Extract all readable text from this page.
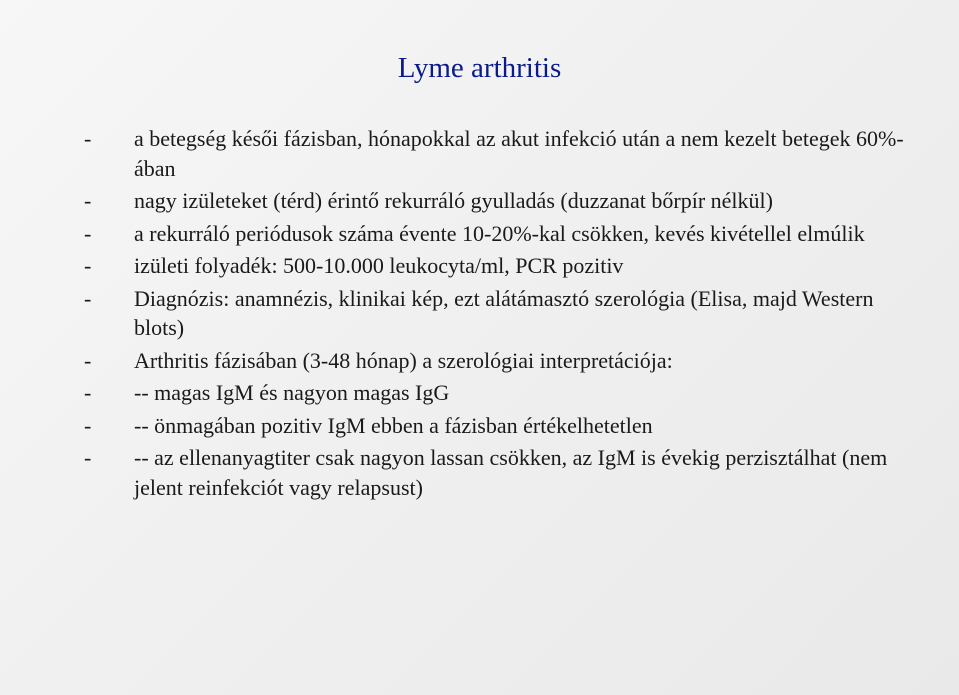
Lyme arthritis
-	a betegség késői fázisban, hónapokkal az akut infekció után a nem kezelt betegek 60%-ában
-	nagy izületeket (térd) érintő rekurráló gyulladás (duzzanat bőrpír nélkül)
-	a rekurráló periódusok száma évente 10-20%-kal csökken, kevés kivétellel elmúlik
-	izületi folyadék: 500-10.000 leukocyta/ml, PCR pozitiv
-	Diagnózis: anamnézis, klinikai kép, ezt alátámasztó szerológia (Elisa, majd Western blots)
-	Arthritis fázisában (3-48 hónap) a szerológiai interpretációja:
-	-- magas IgM és nagyon magas IgG
-	-- önmagában pozitiv IgM ebben a fázisban értékelhetetlen
-	-- az ellenanyagtiter csak nagyon lassan csökken, az IgM is évekig perzisztálhat (nem jelent reinfekciót vagy relapsust)
